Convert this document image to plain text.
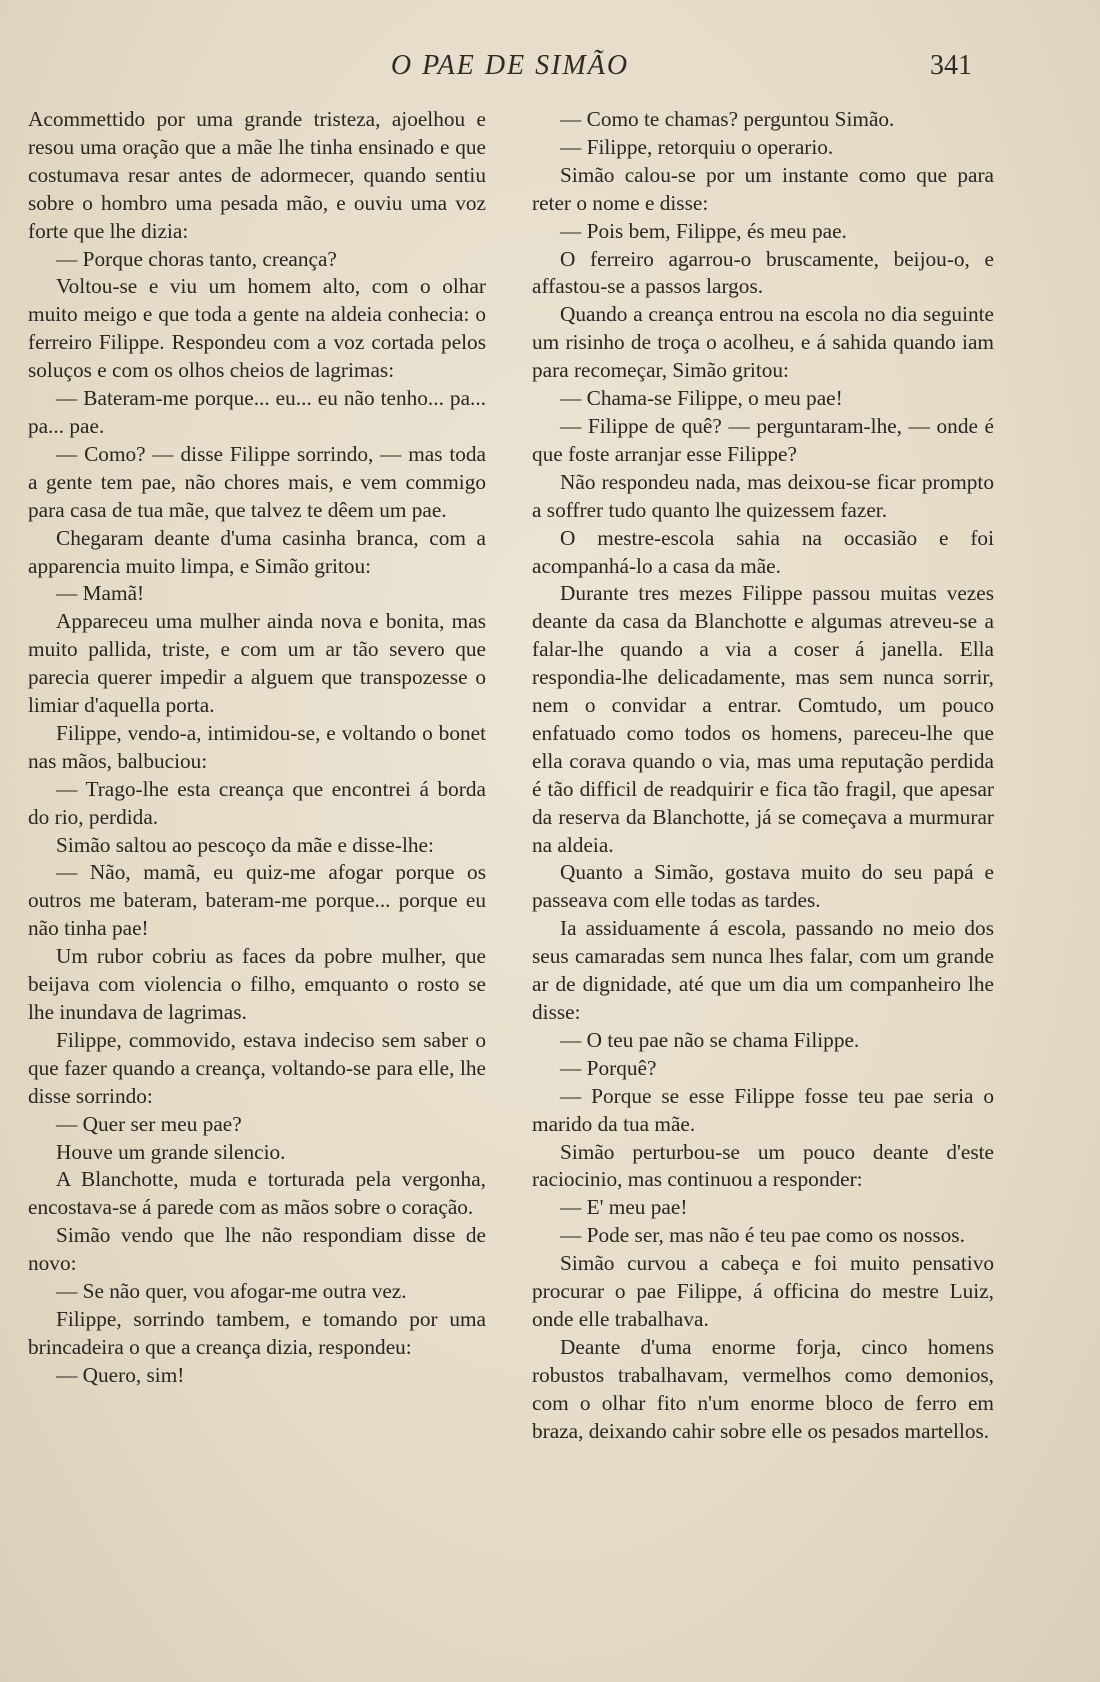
O PAE DE SIMÃO	341

Acommettido por uma grande tristeza, ajoelhou e resou uma oração que a mãe lhe tinha ensinado e que costumava resar antes de adormecer, quando sentiu sobre o hombro uma pesada mão, e ouviu uma voz forte que lhe dizia:

— Porque choras tanto, creança?

Voltou-se e viu um homem alto, com o olhar muito meigo e que toda a gente na aldeia conhecia: o ferreiro Filippe. Respondeu com a voz cortada pelos soluços e com os olhos cheios de lagrimas:

— Bateram-me porque... eu... eu não tenho... pa... pa... pae.

— Como? — disse Filippe sorrindo, — mas toda a gente tem pae, não chores mais, e vem commigo para casa de tua mãe, que talvez te dêem um pae.

Chegaram deante d'uma casinha branca, com a apparencia muito limpa, e Simão gritou:

— Mamã!

Appareceu uma mulher ainda nova e bonita, mas muito pallida, triste, e com um ar tão severo que parecia querer impedir a alguem que transpozesse o limiar d'aquella porta.

Filippe, vendo-a, intimidou-se, e voltando o bonet nas mãos, balbuciou:

— Trago-lhe esta creança que encontrei á borda do rio, perdida.

Simão saltou ao pescoço da mãe e disse-lhe:

— Não, mamã, eu quiz-me afogar porque os outros me bateram, bateram-me porque... porque eu não tinha pae!

Um rubor cobriu as faces da pobre mulher, que beijava com violencia o filho, emquanto o rosto se lhe inundava de lagrimas.

Filippe, commovido, estava indeciso sem saber o que fazer quando a creança, voltando-se para elle, lhe disse sorrindo:

— Quer ser meu pae?

Houve um grande silencio.

A Blanchotte, muda e torturada pela vergonha, encostava-se á parede com as mãos sobre o coração.

Simão vendo que lhe não respondiam disse de novo:

— Se não quer, vou afogar-me outra vez.

Filippe, sorrindo tambem, e tomando por uma brincadeira o que a creança dizia, respondeu:

— Quero, sim!

— Como te chamas? perguntou Simão.

— Filippe, retorquiu o operario.

Simão calou-se por um instante como que para reter o nome e disse:

— Pois bem, Filippe, és meu pae.

O ferreiro agarrou-o bruscamente, beijou-o, e affastou-se a passos largos.

Quando a creança entrou na escola no dia seguinte um risinho de troça o acolheu, e á sahida quando iam para recomeçar, Simão gritou:

— Chama-se Filippe, o meu pae!

— Filippe de quê? — perguntaram-lhe, — onde é que foste arranjar esse Filippe?

Não respondeu nada, mas deixou-se ficar prompto a soffrer tudo quanto lhe quizessem fazer.

O mestre-escola sahia na occasião e foi acompanhá-lo a casa da mãe.

Durante tres mezes Filippe passou muitas vezes deante da casa da Blanchotte e algumas atreveu-se a falar-lhe quando a via a coser á janella. Ella respondia-lhe delicadamente, mas sem nunca sorrir, nem o convidar a entrar. Comtudo, um pouco enfatuado como todos os homens, pareceu-lhe que ella corava quando o via, mas uma reputação perdida é tão difficil de readquirir e fica tão fragil, que apesar da reserva da Blanchotte, já se começava a murmurar na aldeia.

Quanto a Simão, gostava muito do seu papá e passeava com elle todas as tardes.

Ia assiduamente á escola, passando no meio dos seus camaradas sem nunca lhes falar, com um grande ar de dignidade, até que um dia um companheiro lhe disse:

— O teu pae não se chama Filippe.

— Porquê?

— Porque se esse Filippe fosse teu pae seria o marido da tua mãe.

Simão perturbou-se um pouco deante d'este raciocinio, mas continuou a responder:

— E' meu pae!

— Pode ser, mas não é teu pae como os nossos.

Simão curvou a cabeça e foi muito pensativo procurar o pae Filippe, á officina do mestre Luiz, onde elle trabalhava.

Deante d'uma enorme forja, cinco homens robustos trabalhavam, vermelhos como demonios, com o olhar fito n'um enorme bloco de ferro em braza, deixando cahir sobre elle os pesados martellos.
